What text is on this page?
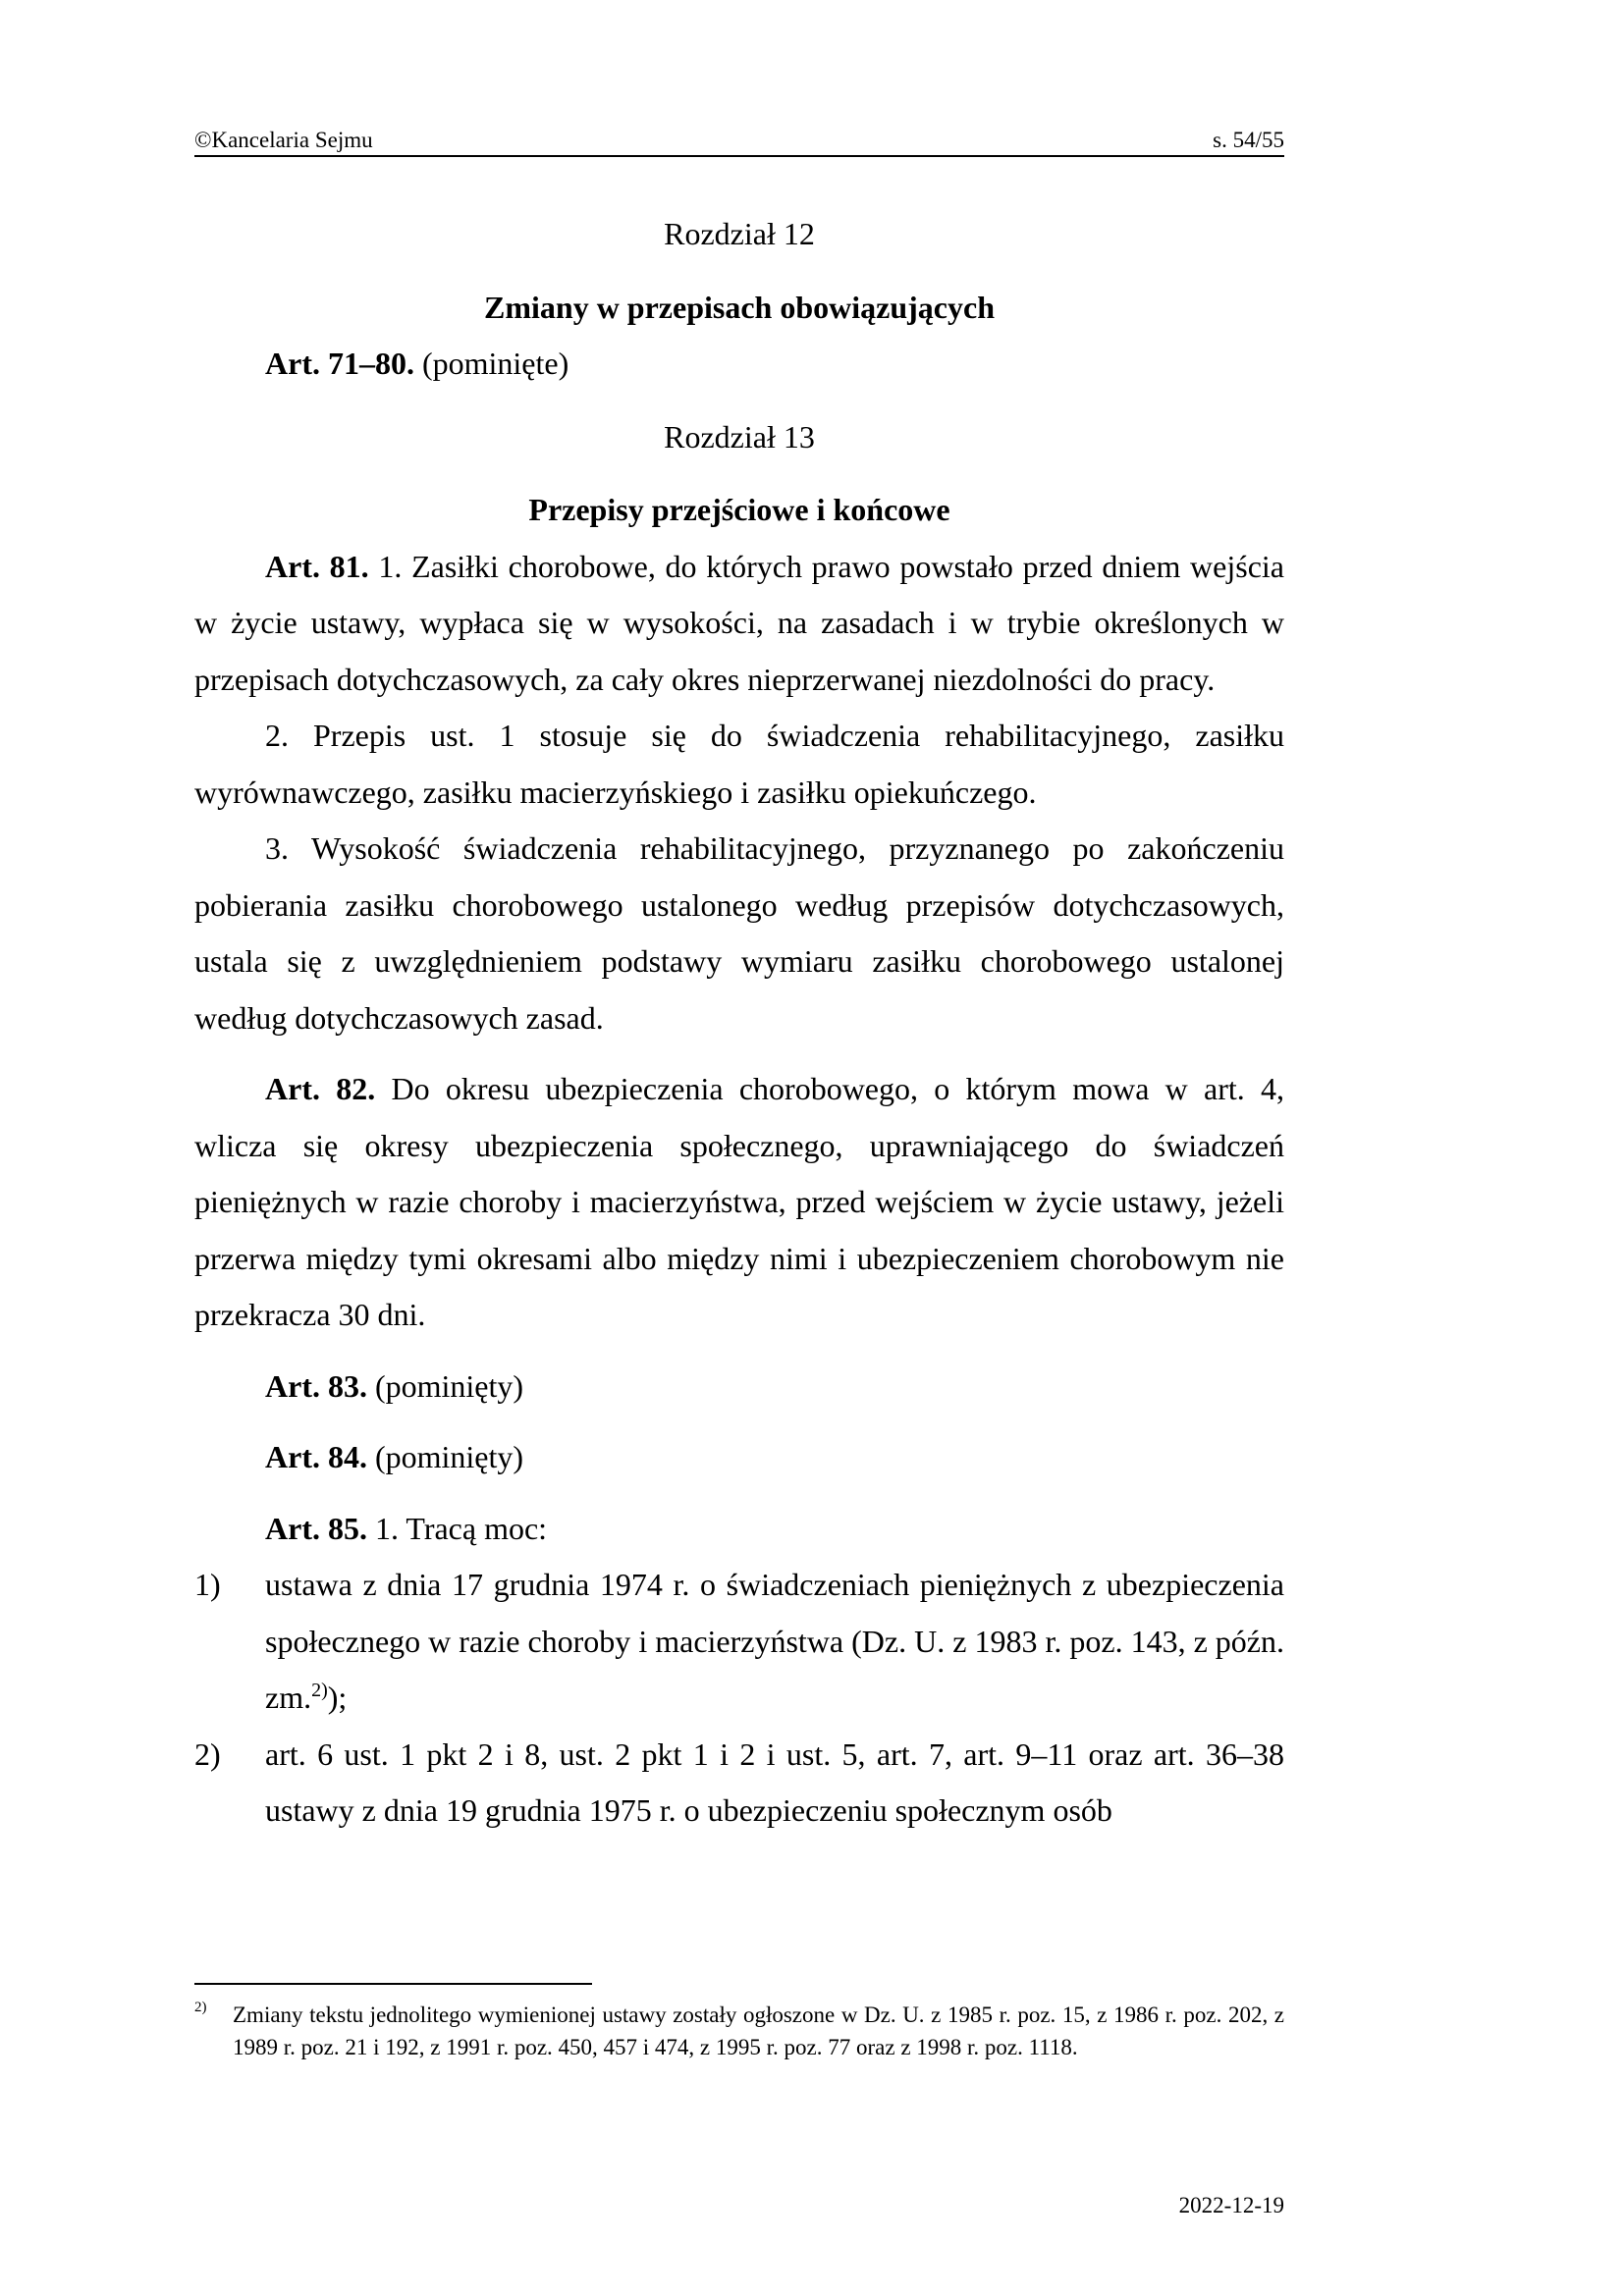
©Kancelaria Sejmu	s. 54/55
Rozdział 12
Zmiany w przepisach obowiązujących

Art. 71–80. (pominięte)

Rozdział 13
Przepisy przejściowe i końcowe

Art. 81. 1. Zasiłki chorobowe, do których prawo powstało przed dniem wejścia w życie ustawy, wypłaca się w wysokości, na zasadach i w trybie określonych w przepisach dotychczasowych, za cały okres nieprzerwanej niezdolności do pracy.

2. Przepis ust. 1 stosuje się do świadczenia rehabilitacyjnego, zasiłku wyrównawczego, zasiłku macierzyńskiego i zasiłku opiekuńczego.

3. Wysokość świadczenia rehabilitacyjnego, przyznanego po zakończeniu pobierania zasiłku chorobowego ustalonego według przepisów dotychczasowych, ustala się z uwzględnieniem podstawy wymiaru zasiłku chorobowego ustalonej według dotychczasowych zasad.

Art. 82. Do okresu ubezpieczenia chorobowego, o którym mowa w art. 4, wlicza się okresy ubezpieczenia społecznego, uprawniającego do świadczeń pieniężnych w razie choroby i macierzyństwa, przed wejściem w życie ustawy, jeżeli przerwa między tymi okresami albo między nimi i ubezpieczeniem chorobowym nie przekracza 30 dni.

Art. 83. (pominięty)

Art. 84. (pominięty)

Art. 85. 1. Tracą moc:

1) ustawa z dnia 17 grudnia 1974 r. o świadczeniach pieniężnych z ubezpieczenia społecznego w razie choroby i macierzyństwa (Dz. U. z 1983 r. poz. 143, z późn. zm.$^{2)}$);
2) art. 6 ust. 1 pkt 2 i 8, ust. 2 pkt 1 i 2 i ust. 5, art. 7, art. 9–11 oraz art. 36–38 ustawy z dnia 19 grudnia 1975 r. o ubezpieczeniu społecznym osób
2) Zmiany tekstu jednolitego wymienionej ustawy zostały ogłoszone w Dz. U. z 1985 r. poz. 15, z 1986 r. poz. 202, z 1989 r. poz. 21 i 192, z 1991 r. poz. 450, 457 i 474, z 1995 r. poz. 77 oraz z 1998 r. poz. 1118.
2022-12-19
